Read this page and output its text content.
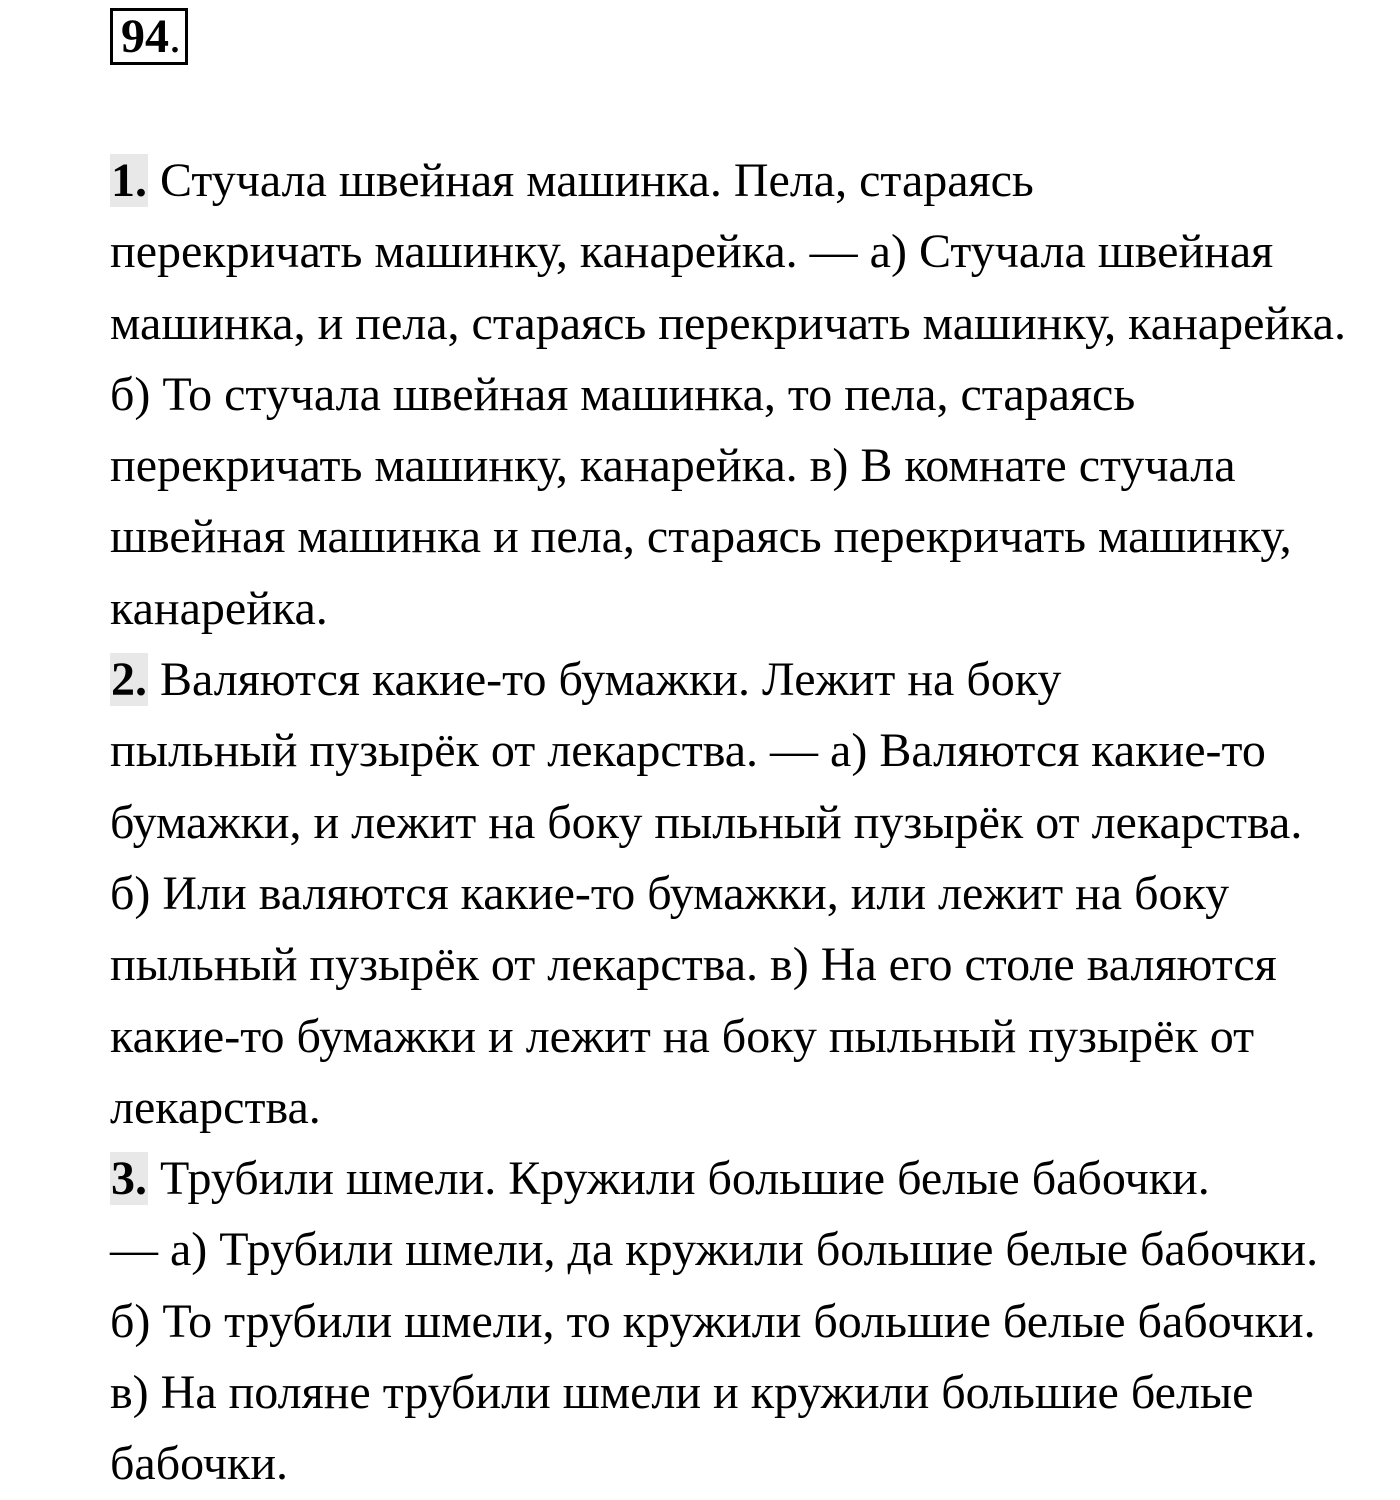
94.

1. Стучала швейная машинка. Пела, стараясь
перекричать машинку, канарейка. — а) Стучала швейная
машинка, и пела, стараясь перекричать машинку, канарейка.
б) То стучала швейная машинка, то пела, стараясь
перекричать машинку, канарейка. в) В комнате стучала
швейная машинка и пела, стараясь перекричать машинку,
канарейка.

2. Валяются какие-то бумажки. Лежит на боку
пыльный пузырёк от лекарства. — а) Валяются какие-то
бумажки, и лежит на боку пыльный пузырёк от лекарства.
б) Или валяются какие-то бумажки, или лежит на боку
пыльный пузырёк от лекарства. в) На его столе валяются
какие-то бумажки и лежит на боку пыльный пузырёк от
лекарства.

3. Трубили шмели. Кружили большие белые бабочки.
— а) Трубили шмели, да кружили большие белые бабочки.
б) То трубили шмели, то кружили большие белые бабочки.
в) На поляне трубили шмели и кружили большие белые
бабочки.
